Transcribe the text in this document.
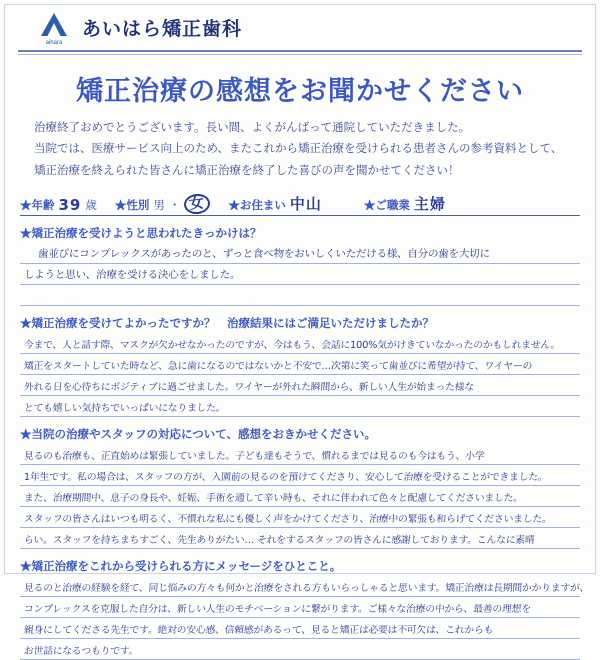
aihara
あいはら矯正歯科
矯正治療の感想をお聞かせください
治療終了おめでとうございます。長い間、よくがんばって通院していただきました。
当院では、医療サービス向上のため、またこれから矯正治療を受けられる患者さんの参考資料として、
矯正治療を終えられた皆さんに矯正治療を終了した喜びの声を聞かせてください！
★年齢 39 歳 ★性別 男 ・ 女	★お住まい 中山	★ご職業 主婦
★矯正治療を受けようと思われたきっかけは？
歯並びにコンプレックスがあったのと、ずっと食べ物をおいしくいただける様、自分の歯を大切に
しようと思い、治療を受ける決心をしました。
★矯正治療を受けてよかったですか？　治療結果にはご満足いただけましたか？
今まで、人と話す際、マスクが欠かせなかったのですが、今はもう、会話に100%気がけきていなかったのかもしれません。
矯正をスタートしていた時など、急に歯になるのではないかと不安で…次第に笑って歯並びに希望が持て、ワイヤーの
外れる日を心待ちにポジティブに過ごせました。ワイヤーが外れた瞬間から、新しい人生が始まった様な
とても嬉しい気持ちでいっぱいになりました。
★当院の治療やスタッフの対応について、感想をおきかせください。
見るのも治療も、正直始めは緊張していました。子ども達もそうで、慣れるまでは見るのも今はもう、小学
1年生です。私の場合は、スタッフの方が、入園前の見るのを預けてくださり、安心して治療を受けることができました。
また、治療期間中、息子の身長や、妊娠、手術を通して辛い時も、それに伴われて色々と配慮してくださいました。
スタッフの皆さんはいつも明るく、不慣れな私にも優しく声をかけてくださり、治療中の緊張も和らげてくださいました。
らい。スタッフを持ちまちすごく、先生ありがたい… それをするスタッフの皆さんに感謝しております。こんなに素晴
★矯正治療をこれから受けられる方にメッセージをひとこと。
見るのと治療の経験を経て、同じ悩みの方々も何かと治療をされる方もいらっしゃると思います。矯正治療は長期間かかりますが、
コンプレックスを克服した自分は、新しい人生のモチベーションに繋がります。ご様々な治療の中から、最善の理想を
親身にしてくださる先生です。絶対の安心感、信頼感があるって、見ると矯正は必要は不可欠は、これからも
お世話になるつもりです。
